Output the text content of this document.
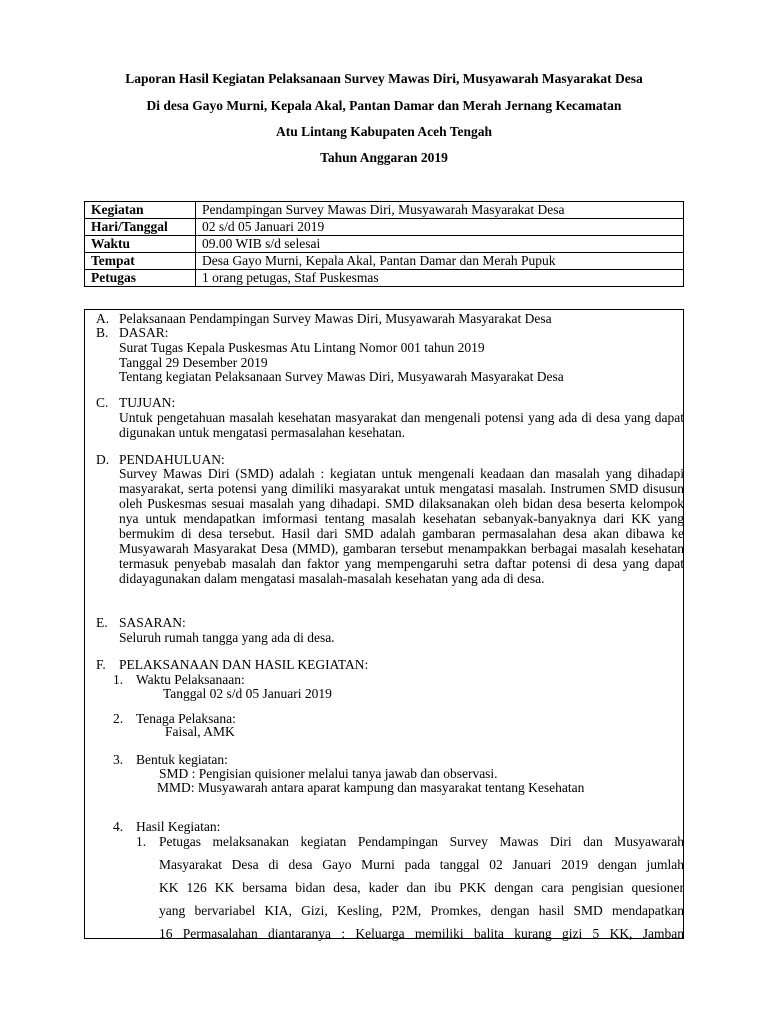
Laporan Hasil Kegiatan Pelaksanaan Survey Mawas Diri, Musyawarah Masyarakat Desa

Di desa Gayo Murni, Kepala Akal, Pantan Damar dan Merah Jernang Kecamatan

Atu Lintang Kabupaten Aceh Tengah

Tahun Anggaran 2019

Kegiatan	Pendampingan Survey Mawas Diri, Musyawarah Masyarakat Desa
Hari/Tanggal	02 s/d 05 Januari 2019
Waktu	09.00 WIB s/d selesai
Tempat	Desa Gayo Murni, Kepala Akal, Pantan Damar dan Merah Pupuk
Petugas	1 orang petugas, Staf Puskesmas
A. Pelaksanaan Pendampingan Survey Mawas Diri, Musyawarah Masyarakat Desa
B. DASAR:
Surat Tugas Kepala Puskesmas Atu Lintang Nomor 001 tahun 2019
Tanggal 29 Desember 2019
Tentang kegiatan Pelaksanaan Survey Mawas Diri, Musyawarah Masyarakat Desa
C. TUJUAN:
Untuk pengetahuan masalah kesehatan masyarakat dan mengenali potensi yang ada di desa yang dapat digunakan untuk mengatasi permasalahan kesehatan.
D. PENDAHULUAN:
Survey Mawas Diri (SMD) adalah : kegiatan untuk mengenali keadaan dan masalah yang dihadapi masyarakat, serta potensi yang dimiliki masyarakat untuk mengatasi masalah. Instrumen SMD disusun oleh Puskesmas sesuai masalah yang dihadapi. SMD dilaksanakan oleh bidan desa beserta kelompok nya untuk mendapatkan imformasi tentang masalah kesehatan sebanyak-banyaknya dari KK yang bermukim di desa tersebut. Hasil dari SMD adalah gambaran permasalahan desa akan dibawa ke Musyawarah Masyarakat Desa (MMD), gambaran tersebut menampakkan berbagai masalah kesehatan termasuk penyebab masalah dan faktor yang mempengaruhi setra daftar potensi di desa yang dapat didayagunakan dalam mengatasi masalah-masalah kesehatan yang ada di desa.
E. SASARAN:
Seluruh rumah tangga yang ada di desa.
F. PELAKSANAAN DAN HASIL KEGIATAN:
1. Waktu Pelaksanaan:
Tanggal 02 s/d 05 Januari 2019
2. Tenaga Pelaksana:
Faisal, AMK
3. Bentuk kegiatan:
SMD : Pengisian quisioner melalui tanya jawab dan observasi.
MMD: Musyawarah antara aparat kampung dan masyarakat tentang Kesehatan
4. Hasil Kegiatan:
1. Petugas melaksanakan kegiatan Pendampingan Survey Mawas Diri dan Musyawarah
Masyarakat Desa di desa Gayo Murni pada tanggal 02 Januari 2019 dengan jumlah
KK 126 KK bersama bidan desa, kader dan ibu PKK dengan cara pengisian quesioner
yang bervariabel KIA, Gizi, Kesling, P2M, Promkes, dengan hasil SMD mendapatkan
16 Permasalahan diantaranya : Keluarga memiliki balita kurang gizi 5 KK, Jamban
